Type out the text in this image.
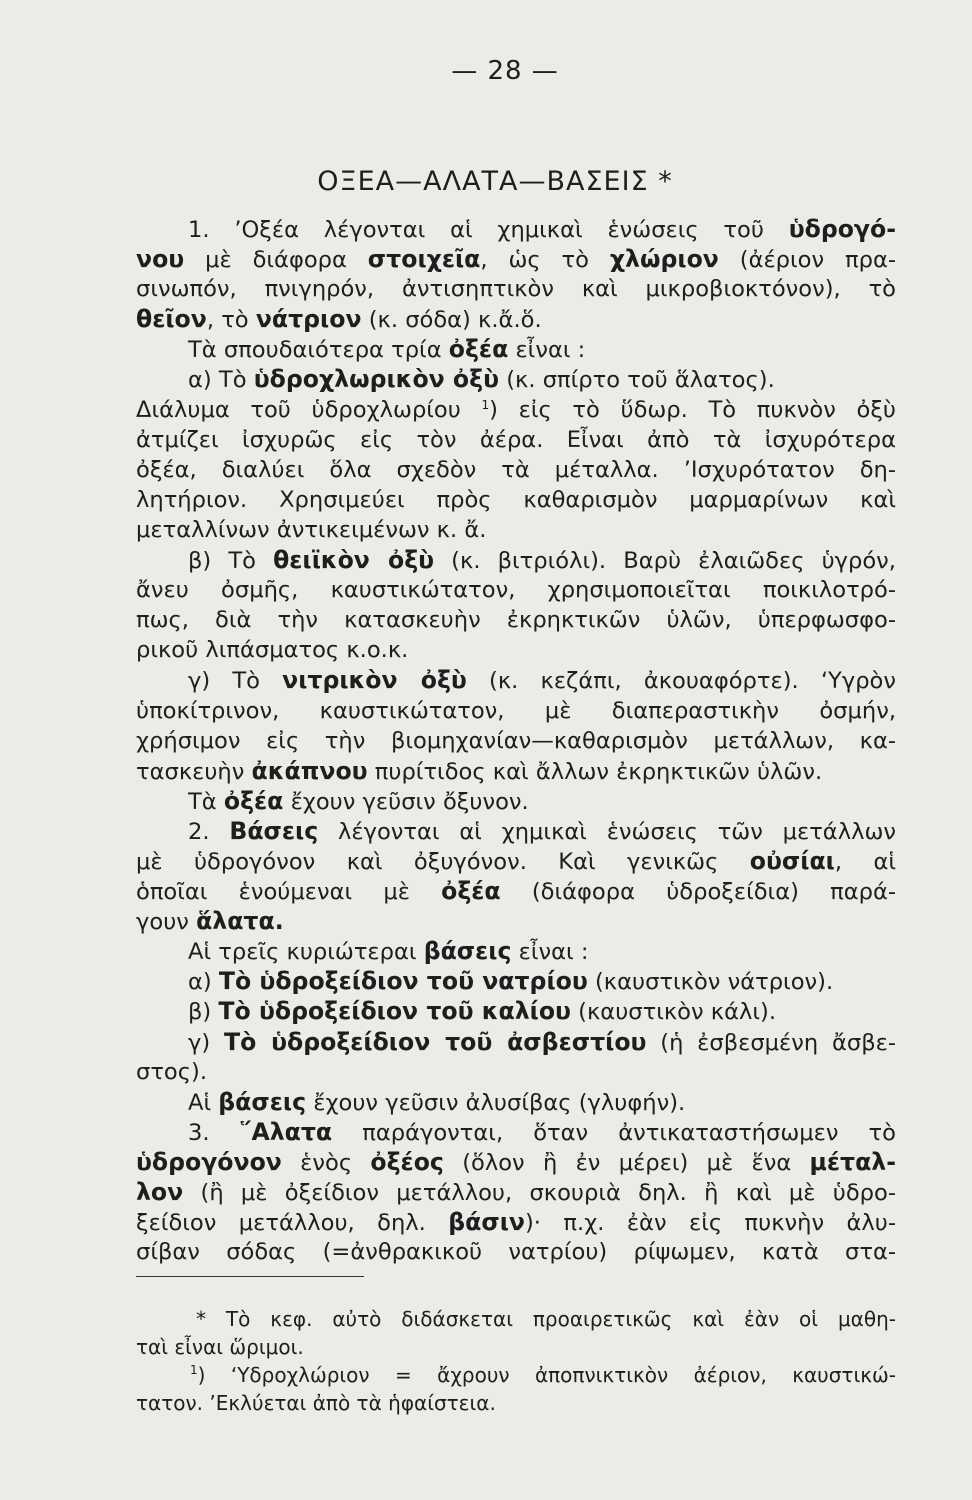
— 28 —
ΟΞΕΑ—ΑΛΑΤΑ—ΒΑΣΕΙΣ *
1. ’Οξέα λέγονται αἱ χημικαὶ ἑνώσεις τοῦ ὑδρογό-
νου μὲ διάφορα στοιχεῖα, ὡς τὸ χλώριον (ἀέριον πρα-
σινωπόν, πνιγηρόν, ἀντισηπτικὸν καὶ μικροβιοκτόνον), τὸ
θεῖον, τὸ νάτριον (κ. σόδα) κ.ἄ.ὅ.
Τὰ σπουδαιότερα τρία ὀξέα εἶναι :
α) Τὸ ὑδροχλωρικὸν ὀξὺ (κ. σπίρτο τοῦ ἅλατος).
Διάλυμα τοῦ ὑδροχλωρίου $^1$) εἰς τὸ ὕδωρ. Τὸ πυκνὸν ὀξὺ
ἀτμίζει ἰσχυρῶς εἰς τὸν ἀέρα. Εἶναι ἀπὸ τὰ ἰσχυρότερα
ὀξέα, διαλύει ὅλα σχεδὸν τὰ μέταλλα. ’Ισχυρότατον δη-
λητήριον. Χρησιμεύει πρὸς καθαρισμὸν μαρμαρίνων καὶ
μεταλλίνων ἀντικειμένων κ. ἄ.
β) Τὸ θειϊκὸν ὀξὺ (κ. βιτριόλι). Βαρὺ ἐλαιῶδες ὑγρόν,
ἄνευ ὀσμῆς, καυστικώτατον, χρησιμοποιεῖται ποικιλοτρό-
πως, διὰ τὴν κατασκευὴν ἐκρηκτικῶν ὑλῶν, ὑπερφωσφο-
ρικοῦ λιπάσματος κ.ο.κ.
γ) Τὸ νιτρικὸν ὀξὺ (κ. κεζάπι, ἀκουαφόρτε). ‘Υγρὸν
ὑποκίτρινον, καυστικώτατον, μὲ διαπεραστικὴν ὀσμήν,
χρήσιμον εἰς τὴν βιομηχανίαν—καθαρισμὸν μετάλλων, κα-
τασκευὴν ἀκάπνου πυρίτιδος καὶ ἄλλων ἐκρηκτικῶν ὑλῶν.
Τὰ ὀξέα ἔχουν γεῦσιν ὄξυνον.
2. Βάσεις λέγονται αἱ χημικαὶ ἑνώσεις τῶν μετάλλων
μὲ ὑδρογόνον καὶ ὀξυγόνον. Καὶ γενικῶς οὐσίαι, αἱ
ὁποῖαι ἑνούμεναι μὲ ὀξέα (διάφορα ὑδροξείδια) παρά-
γουν ἅλατα.
Αἱ τρεῖς κυριώτεραι βάσεις εἶναι :
α) Τὸ ὑδροξείδιον τοῦ νατρίου (καυστικὸν νάτριον).
β) Τὸ ὑδροξείδιον τοῦ καλίου (καυστικὸν κάλι).
γ) Τὸ ὑδροξείδιον τοῦ ἀσβεστίου (ἡ ἐσβεσμένη ἄσβε-
στος).
Αἱ βάσεις ἔχουν γεῦσιν ἀλυσίβας (γλυφήν).
3. ῞Αλατα παράγονται, ὅταν ἀντικαταστήσωμεν τὸ
ὑδρογόνον ἑνὸς ὀξέος (ὅλον ἢ ἐν μέρει) μὲ ἕνα μέταλ-
λον (ἢ μὲ ὀξείδιον μετάλλου, σκουριὰ δηλ. ἢ καὶ μὲ ὑδρο-
ξείδιον μετάλλου, δηλ. βάσιν)· π.χ. ἐὰν εἰς πυκνὴν ἀλυ-
σίβαν σόδας (=ἀνθρακικοῦ νατρίου) ρίψωμεν, κατὰ στα-
* Τὸ κεφ. αὐτὸ διδάσκεται προαιρετικῶς καὶ ἐὰν οἱ μαθη-
ταὶ εἶναι ὥριμοι.
$^1$) ‘Υδροχλώριον = ἄχρουν ἀποπνικτικὸν ἀέριον, καυστικώ-
τατον. ’Εκλύεται ἀπὸ τὰ ἡφαίστεια.
